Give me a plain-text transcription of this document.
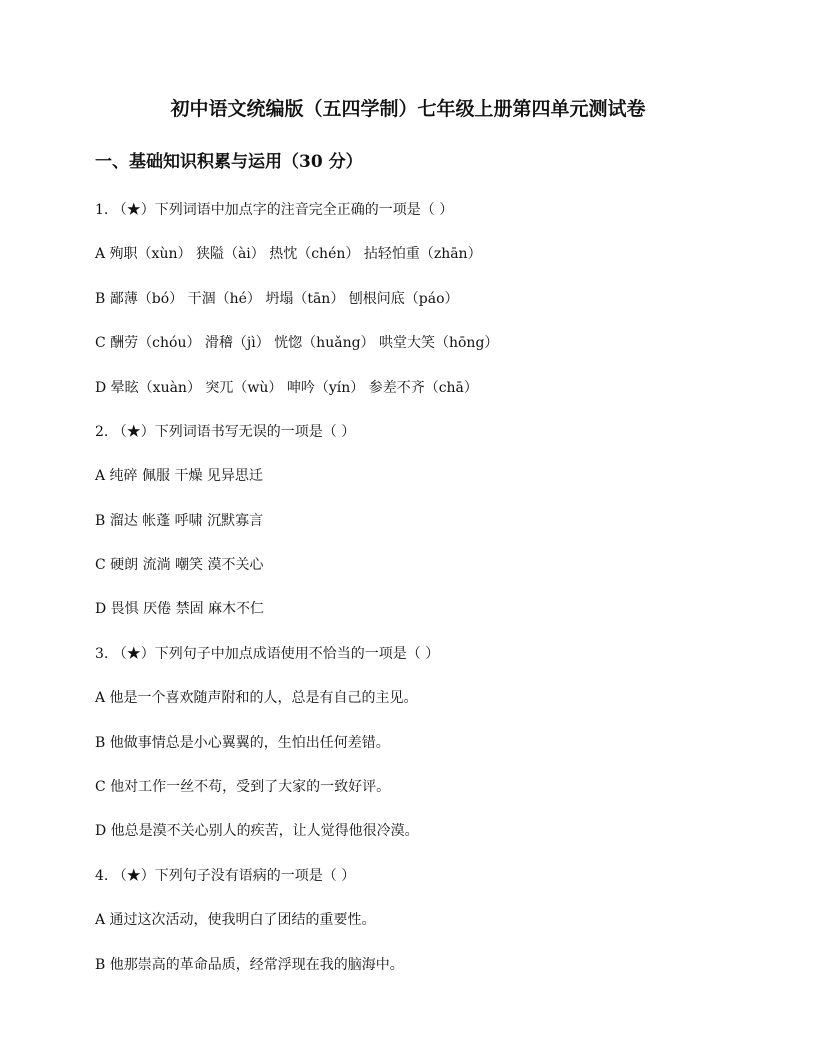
初中语文统编版（五四学制）七年级上册第四单元测试卷
一、基础知识积累与运用（30 分）
1. （★）下列词语中加点字的注音完全正确的一项是（ ）
A 殉职（xùn） 狭隘（ài） 热忱（chén） 拈轻怕重（zhān）
B 鄙薄（bó） 干涸（hé） 坍塌（tān） 刨根问底（páo）
C 酬劳（chóu） 滑稽（jì） 恍惚（huǎng） 哄堂大笑（hōng）
D 晕眩（xuàn） 突兀（wù） 呻吟（yín） 参差不齐（chā）
2. （★）下列词语书写无误的一项是（ ）
A 纯碎 佩服 干燥 见异思迁
B 溜达 帐蓬 呼啸 沉默寡言
C 硬朗 流淌 嘲笑 漠不关心
D 畏惧 厌倦 禁固 麻木不仁
3. （★）下列句子中加点成语使用不恰当的一项是（ ）
A 他是一个喜欢随声附和的人，总是有自己的主见。
B 他做事情总是小心翼翼的，生怕出任何差错。
C 他对工作一丝不苟，受到了大家的一致好评。
D 他总是漠不关心别人的疾苦，让人觉得他很冷漠。
4. （★）下列句子没有语病的一项是（ ）
A 通过这次活动，使我明白了团结的重要性。
B 他那崇高的革命品质，经常浮现在我的脑海中。
